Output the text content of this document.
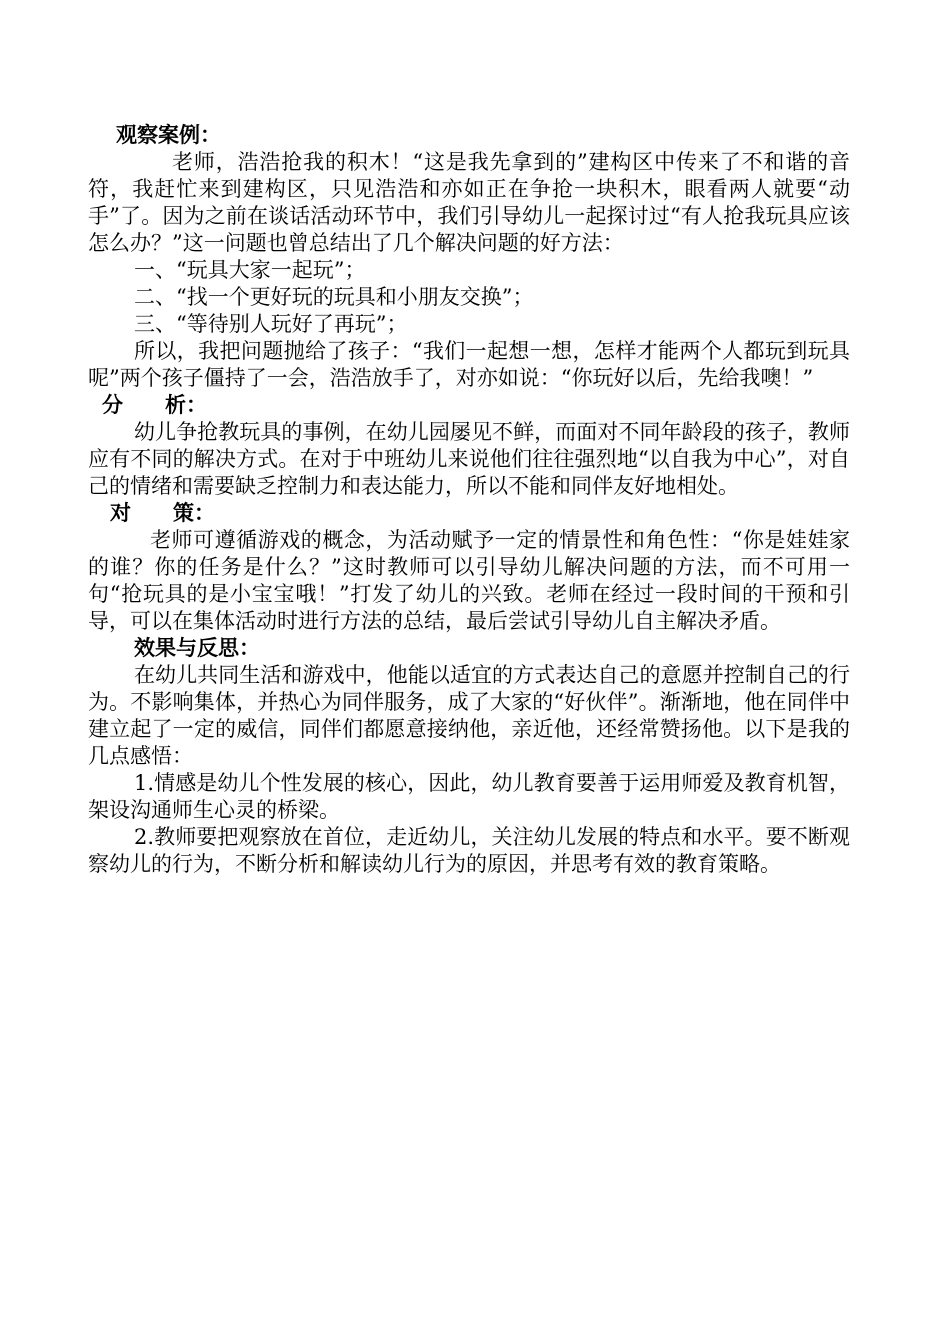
观察案例：

老师，浩浩抢我的积木！“这是我先拿到的”建构区中传来了不和谐的音符，我赶忙来到建构区，只见浩浩和亦如正在争抢一块积木，眼看两人就要“动手”了。因为之前在谈话活动环节中，我们引导幼儿一起探讨过“有人抢我玩具应该怎么办？”这一问题也曾总结出了几个解决问题的好方法：

一、“玩具大家一起玩”；

二、“找一个更好玩的玩具和小朋友交换”；

三、“等待别人玩好了再玩”；

所以，我把问题抛给了孩子：“我们一起想一想，怎样才能两个人都玩到玩具呢”两个孩子僵持了一会，浩浩放手了，对亦如说：“你玩好以后，先给我噢！”

分　　析：

幼儿争抢教玩具的事例，在幼儿园屡见不鲜，而面对不同年龄段的孩子，教师应有不同的解决方式。在对于中班幼儿来说他们往往强烈地“以自我为中心”，对自己的情绪和需要缺乏控制力和表达能力，所以不能和同伴友好地相处。

对　　策：

老师可遵循游戏的概念，为活动赋予一定的情景性和角色性：“你是娃娃家的谁？你的任务是什么？”这时教师可以引导幼儿解决问题的方法，而不可用一句“抢玩具的是小宝宝哦！”打发了幼儿的兴致。老师在经过一段时间的干预和引导，可以在集体活动时进行方法的总结，最后尝试引导幼儿自主解决矛盾。

效果与反思：

在幼儿共同生活和游戏中，他能以适宜的方式表达自己的意愿并控制自己的行为。不影响集体，并热心为同伴服务，成了大家的“好伙伴”。渐渐地，他在同伴中建立起了一定的威信，同伴们都愿意接纳他，亲近他，还经常赞扬他。以下是我的几点感悟：

1.情感是幼儿个性发展的核心，因此，幼儿教育要善于运用师爱及教育机智，架设沟通师生心灵的桥梁。

2.教师要把观察放在首位，走近幼儿，关注幼儿发展的特点和水平。要不断观察幼儿的行为，不断分析和解读幼儿行为的原因，并思考有效的教育策略。
